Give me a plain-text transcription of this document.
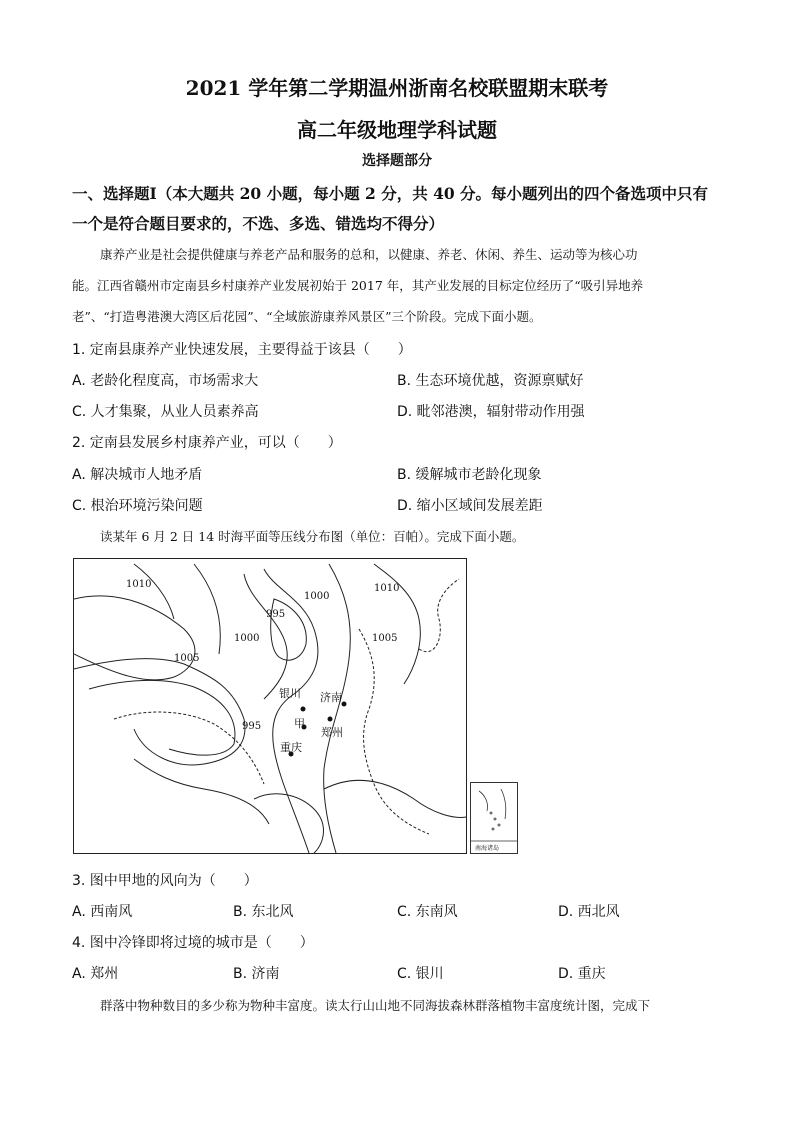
2021 学年第二学期温州浙南名校联盟期末联考
高二年级地理学科试题
选择题部分
一、选择题Ⅰ（本大题共 20 小题，每小题 2 分，共 40 分。每小题列出的四个备选项中只有
一个是符合题目要求的，不选、多选、错选均不得分）
康养产业是社会提供健康与养老产品和服务的总和，以健康、养老、休闲、养生、运动等为核心功
能。江西省赣州市定南县乡村康养产业发展初始于 2017 年，其产业发展的目标定位经历了“吸引异地养
老”、“打造粤港澳大湾区后花园”、“全域旅游康养风景区”三个阶段。完成下面小题。
1. 定南县康养产业快速发展，主要得益于该县（　　）
A. 老龄化程度高，市场需求大	B. 生态环境优越，资源禀赋好
C. 人才集聚，从业人员素养高	D. 毗邻港澳，辐射带动作用强
2. 定南县发展乡村康养产业，可以（　　）
A. 解决城市人地矛盾	B. 缓解城市老龄化现象
C. 根治环境污染问题	D. 缩小区域间发展差距
读某年 6 月 2 日 14 时海平面等压线分布图（单位：百帕）。完成下面小题。
1010	1010
1000
995
1000	1005
1005
995
银川 济南
甲
郑州
重庆
南海诸岛
3. 图中甲地的风向为（　　）
A. 西南风	B. 东北风	C. 东南风	D. 西北风
4. 图中冷锋即将过境的城市是（　　）
A. 郑州	B. 济南	C. 银川	D. 重庆
群落中物种数目的多少称为物种丰富度。读太行山山地不同海拔森林群落植物丰富度统计图，完成下
